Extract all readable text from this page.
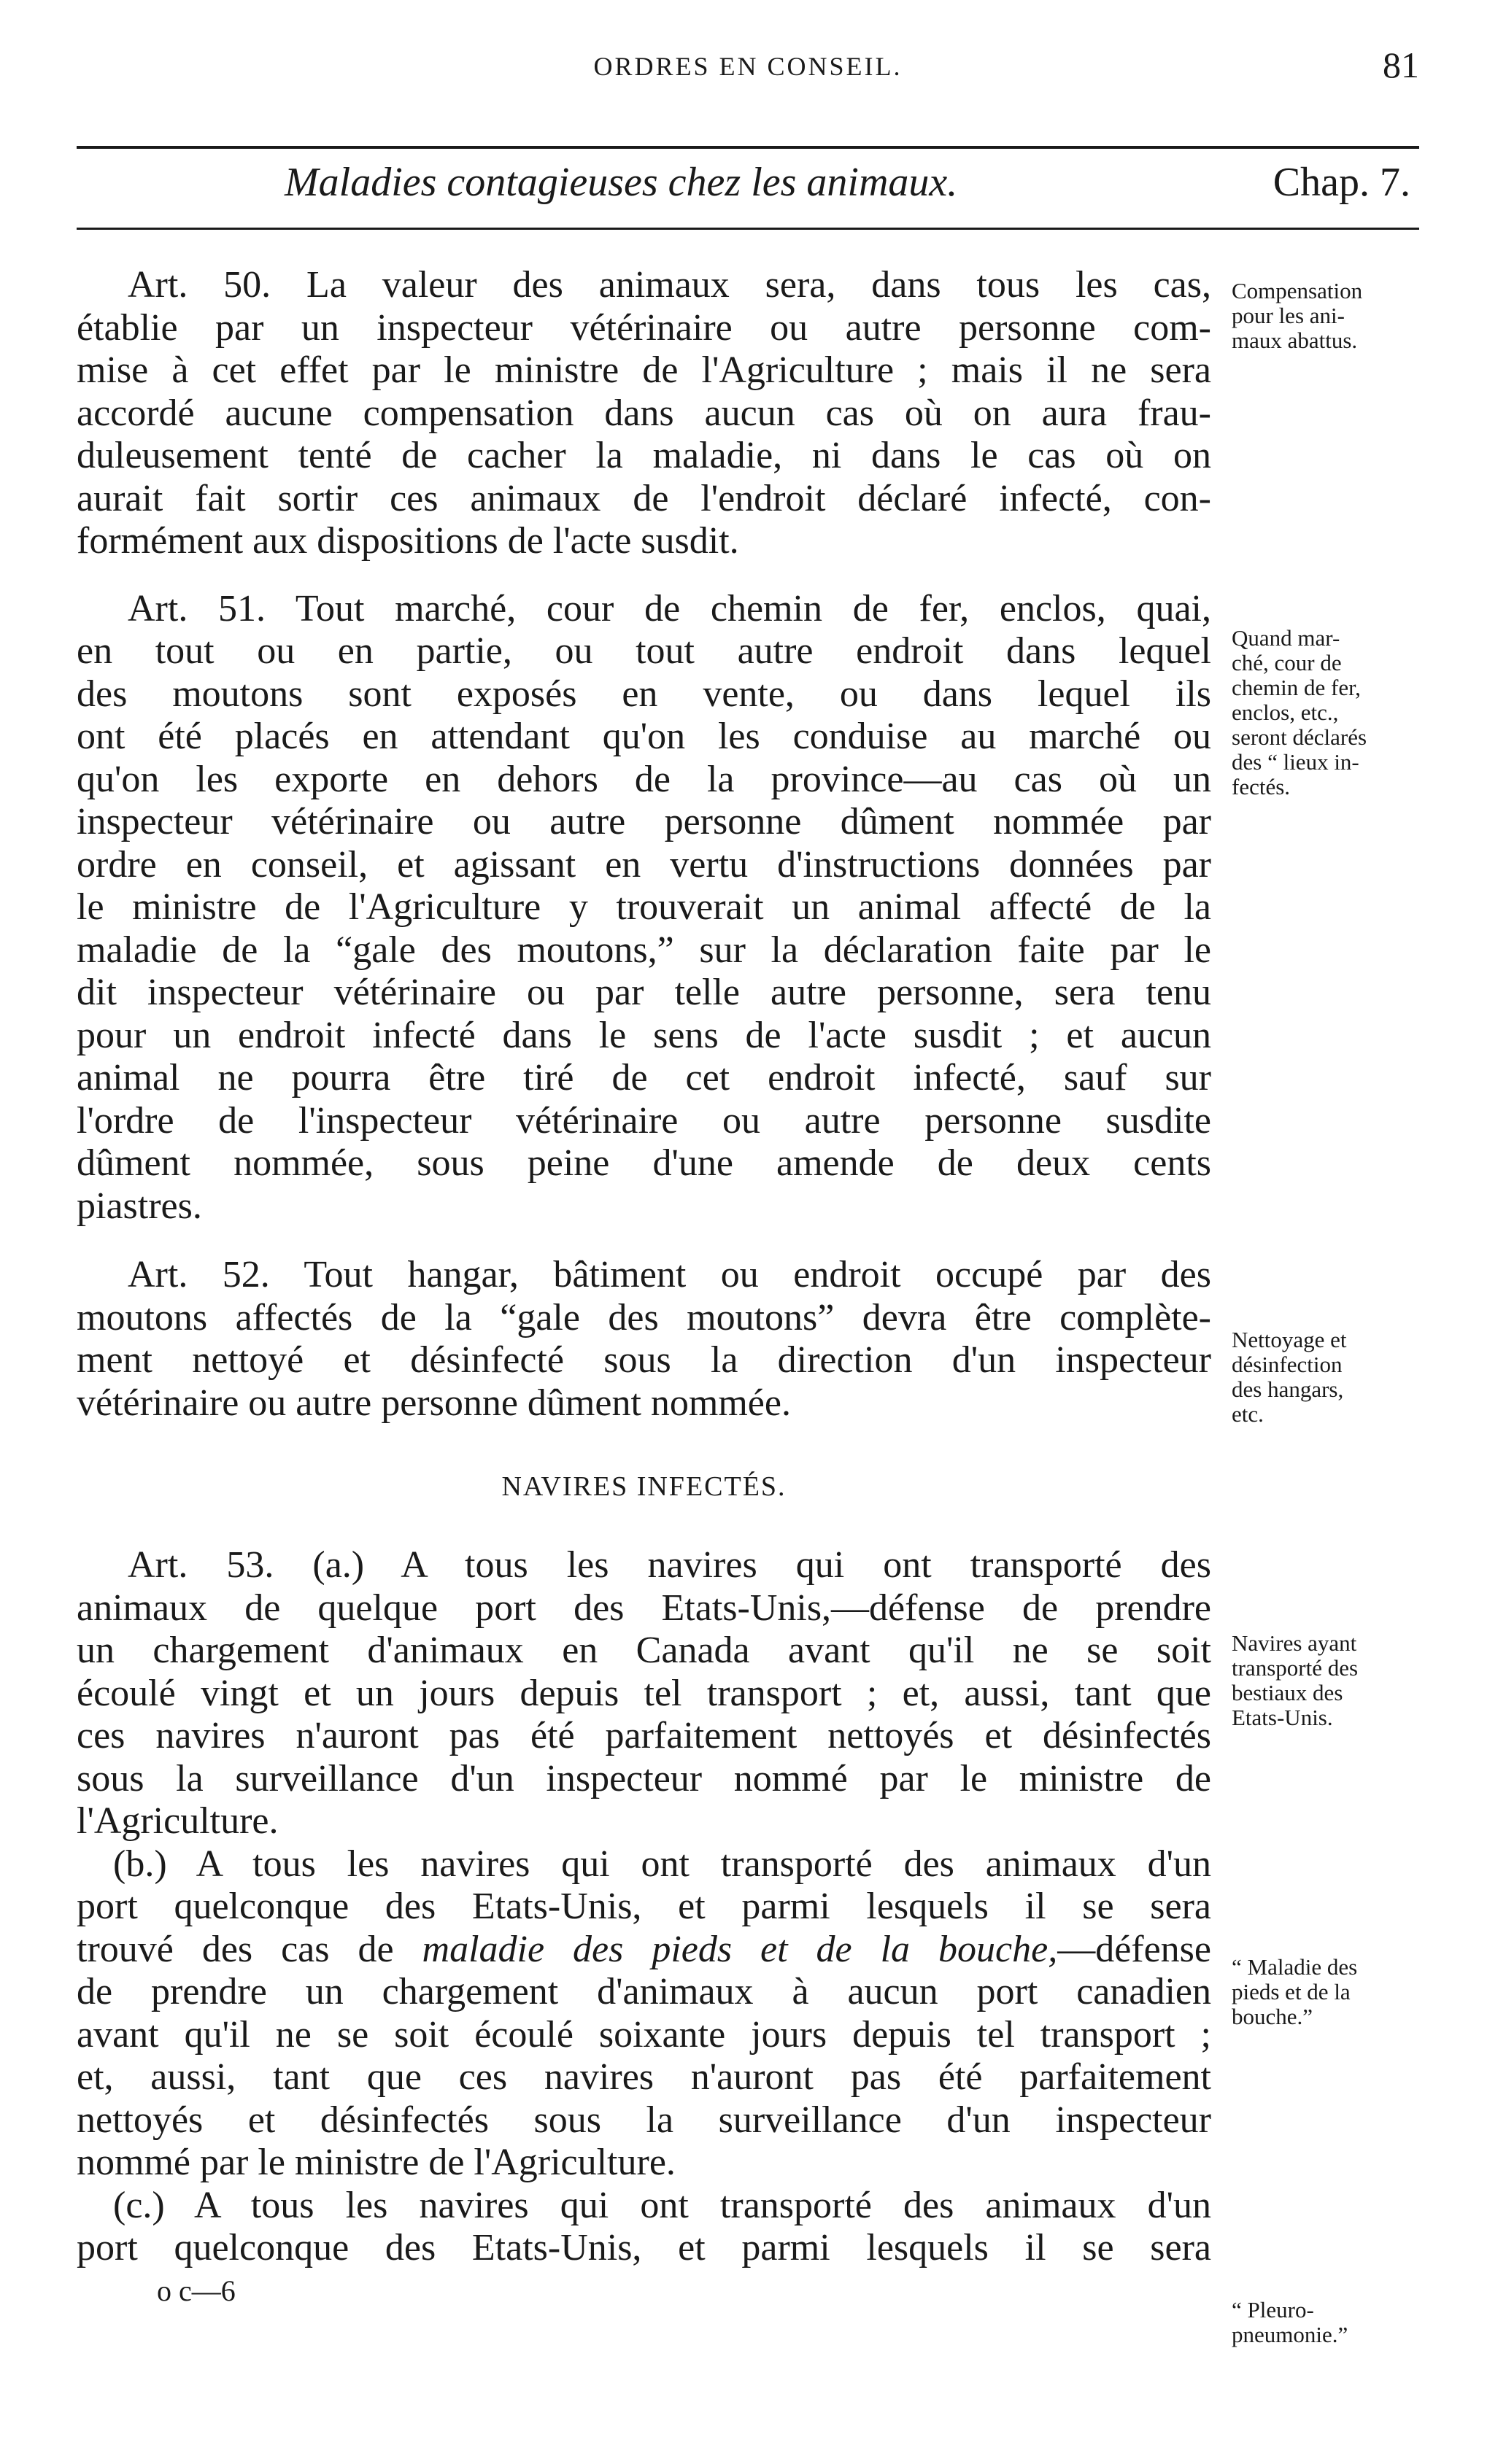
ORDRES EN CONSEIL.	81
Maladies contagieuses chez les animaux.	Chap. 7.
Art. 50. La valeur des animaux sera, dans tous les cas,
établie par un inspecteur vétérinaire ou autre personne com-
mise à cet effet par le ministre de l'Agriculture ; mais il ne sera
accordé aucune compensation dans aucun cas où on aura frau-
duleusement tenté de cacher la maladie, ni dans le cas où on
aurait fait sortir ces animaux de l'endroit déclaré infecté, con-
formément aux dispositions de l'acte susdit.
Art. 51. Tout marché, cour de chemin de fer, enclos, quai,
en tout ou en partie, ou tout autre endroit dans lequel
des moutons sont exposés en vente, ou dans lequel ils
ont été placés en attendant qu'on les conduise au marché ou
qu'on les exporte en dehors de la province—au cas où un
inspecteur vétérinaire ou autre personne dûment nommée par
ordre en conseil, et agissant en vertu d'instructions données par
le ministre de l'Agriculture y trouverait un animal affecté de la
maladie de la “gale des moutons,” sur la déclaration faite par le
dit inspecteur vétérinaire ou par telle autre personne, sera tenu
pour un endroit infecté dans le sens de l'acte susdit ; et aucun
animal ne pourra être tiré de cet endroit infecté, sauf sur
l'ordre de l'inspecteur vétérinaire ou autre personne susdite
dûment nommée, sous peine d'une amende de deux cents
piastres.
Art. 52. Tout hangar, bâtiment ou endroit occupé par des
moutons affectés de la “gale des moutons” devra être complète-
ment nettoyé et désinfecté sous la direction d'un inspecteur
vétérinaire ou autre personne dûment nommée.
NAVIRES INFECTÉS.
Art. 53. (a.) A tous les navires qui ont transporté des
animaux de quelque port des Etats-Unis,—défense de prendre
un chargement d'animaux en Canada avant qu'il ne se soit
écoulé vingt et un jours depuis tel transport ; et, aussi, tant que
ces navires n'auront pas été parfaitement nettoyés et désinfectés
sous la surveillance d'un inspecteur nommé par le ministre de
l'Agriculture.
(b.) A tous les navires qui ont transporté des animaux d'un
port quelconque des Etats-Unis, et parmi lesquels il se sera
trouvé des cas de maladie des pieds et de la bouche,—défense
de prendre un chargement d'animaux à aucun port canadien
avant qu'il ne se soit écoulé soixante jours depuis tel transport ;
et, aussi, tant que ces navires n'auront pas été parfaitement
nettoyés et désinfectés sous la surveillance d'un inspecteur
nommé par le ministre de l'Agriculture.
(c.) A tous les navires qui ont transporté des animaux d'un
port quelconque des Etats-Unis, et parmi lesquels il se sera
o c—6
Compensation
pour les ani-
maux abattus.
Quand mar-
ché, cour de
chemin de fer,
enclos, etc.,
seront déclarés
des “ lieux in-
fectés.
Nettoyage et
désinfection
des hangars,
etc.
Navires ayant
transporté des
bestiaux des
Etats-Unis.
“ Maladie des
pieds et de la
bouche.”
“ Pleuro-
pneumonie.”
